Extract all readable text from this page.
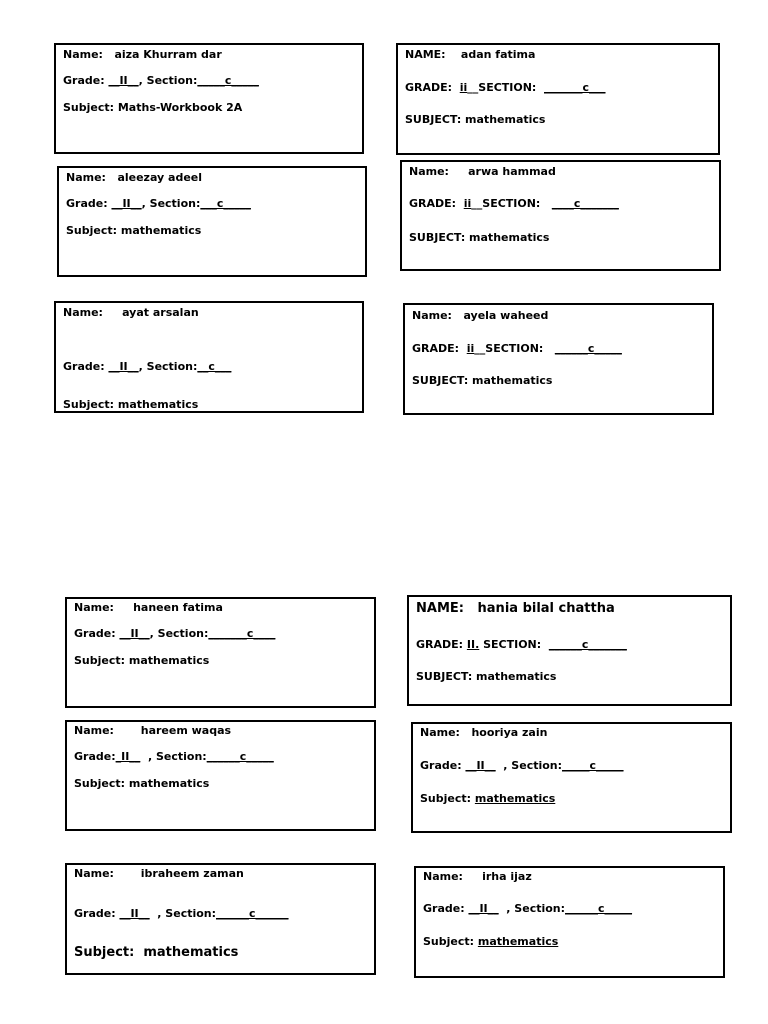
Name:   aiza Khurram dar
Grade: __II__, Section:_____c_____
Subject: Maths-Workbook 2A
NAME:    adan fatima
GRADE:  ii__SECTION:  _______c___
SUBJECT: mathematics
Name:   aleezay adeel
Grade: __II__, Section:___c_____
Subject: mathematics
Name:     arwa hammad
GRADE:  ii__SECTION:   ____c_______
SUBJECT: mathematics
Name:     ayat arsalan
Grade: __II__, Section:__c___
Subject: mathematics
Name:   ayela waheed
GRADE:  ii__SECTION:   ______c_____
SUBJECT: mathematics
Name:     haneen fatima
Grade: __II__, Section:_______c____
Subject: mathematics
NAME:   hania bilal chattha
GRADE: II. SECTION:  ______c_______
SUBJECT: mathematics
Name:       hareem waqas
Grade:_II__  , Section:______c_____
Subject: mathematics
Name:   hooriya zain
Grade: __II__  , Section:_____c_____
Subject: mathematics
Name:       ibraheem zaman
Grade: __II__  , Section:______c______
Subject:  mathematics
Name:     irha ijaz
Grade: __II__  , Section:______c_____
Subject: mathematics
